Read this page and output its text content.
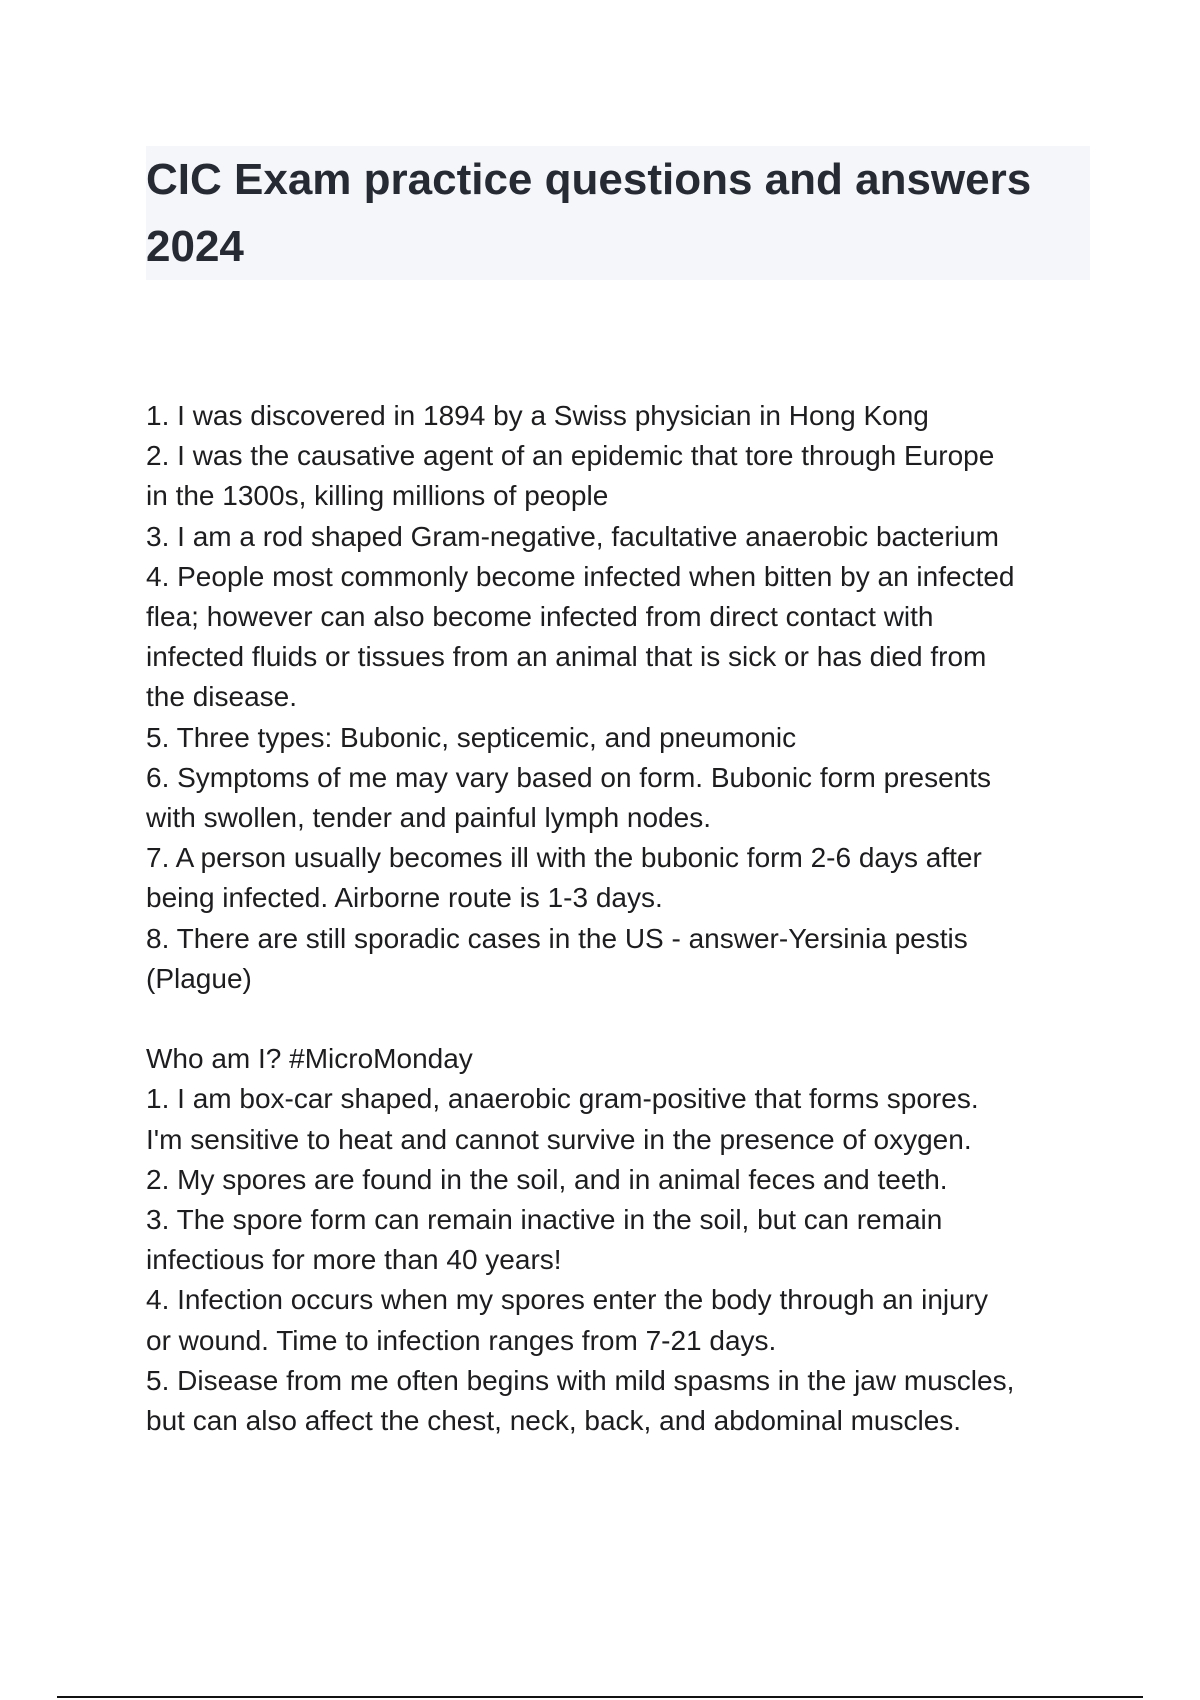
CIC Exam practice questions and answers
2024
1. I was discovered in 1894 by a Swiss physician in Hong Kong
2. I was the causative agent of an epidemic that tore through Europe
in the 1300s, killing millions of people
3. I am a rod shaped Gram-negative, facultative anaerobic bacterium
4. People most commonly become infected when bitten by an infected
flea; however can also become infected from direct contact with
infected fluids or tissues from an animal that is sick or has died from
the disease.
5. Three types: Bubonic, septicemic, and pneumonic
6. Symptoms of me may vary based on form. Bubonic form presents
with swollen, tender and painful lymph nodes.
7. A person usually becomes ill with the bubonic form 2-6 days after
being infected. Airborne route is 1-3 days.
8. There are still sporadic cases in the US - answer-Yersinia pestis
(Plague)
Who am I? #MicroMonday
1. I am box-car shaped, anaerobic gram-positive that forms spores.
I'm sensitive to heat and cannot survive in the presence of oxygen.
2. My spores are found in the soil, and in animal feces and teeth.
3. The spore form can remain inactive in the soil, but can remain
infectious for more than 40 years!
4. Infection occurs when my spores enter the body through an injury
or wound. Time to infection ranges from 7-21 days.
5. Disease from me often begins with mild spasms in the jaw muscles,
but can also affect the chest, neck, back, and abdominal muscles.
